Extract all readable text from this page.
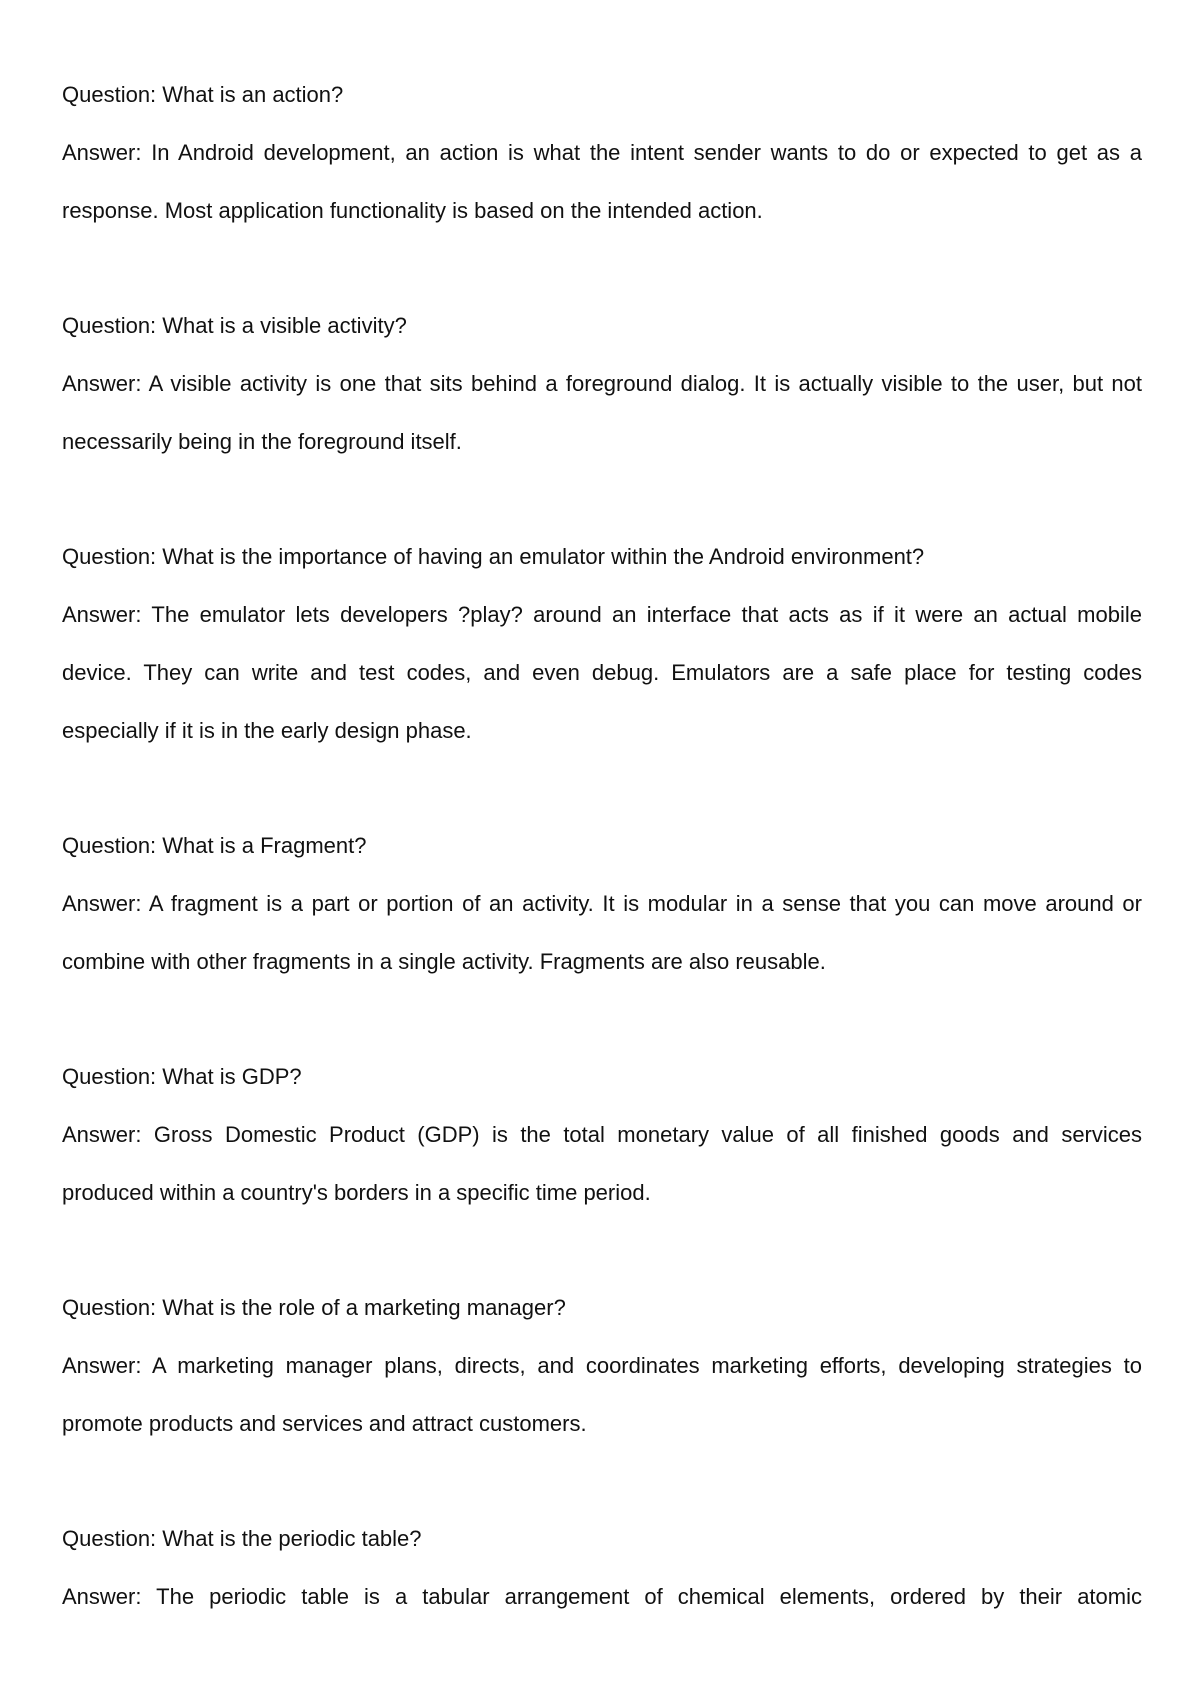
Question: What is an action?

Answer: In Android development, an action is what the intent sender wants to do or expected to get as a response. Most application functionality is based on the intended action.

Question: What is a visible activity?

Answer: A visible activity is one that sits behind a foreground dialog. It is actually visible to the user, but not necessarily being in the foreground itself.

Question: What is the importance of having an emulator within the Android environment?

Answer: The emulator lets developers ?play? around an interface that acts as if it were an actual mobile device. They can write and test codes, and even debug. Emulators are a safe place for testing codes especially if it is in the early design phase.

Question: What is a Fragment?

Answer: A fragment is a part or portion of an activity. It is modular in a sense that you can move around or combine with other fragments in a single activity. Fragments are also reusable.

Question: What is GDP?

Answer: Gross Domestic Product (GDP) is the total monetary value of all finished goods and services produced within a country's borders in a specific time period.

Question: What is the role of a marketing manager?

Answer: A marketing manager plans, directs, and coordinates marketing efforts, developing strategies to promote products and services and attract customers.

Question: What is the periodic table?

Answer: The periodic table is a tabular arrangement of chemical elements, ordered by their atomic
